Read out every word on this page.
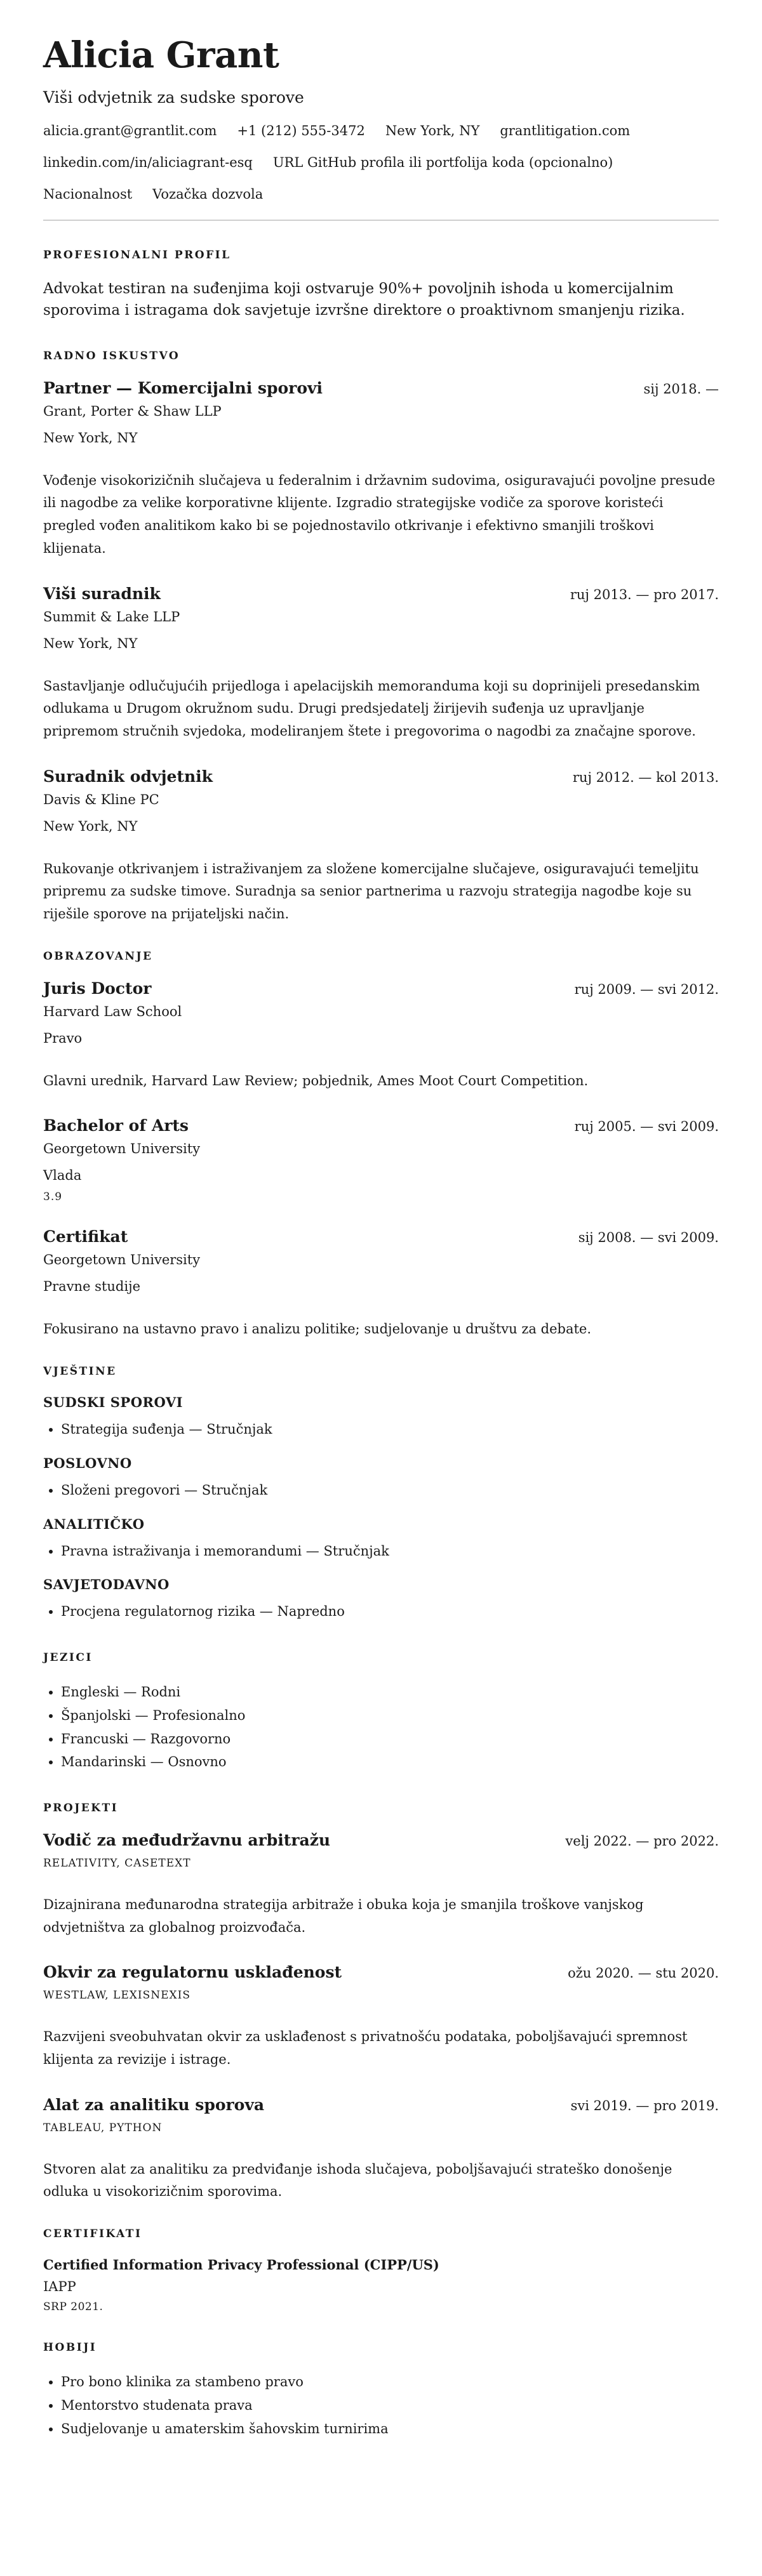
Alicia Grant
Viši odvjetnik za sudske sporove
alicia.grant@grantlit.com +1 (212) 555-3472 New York, NY grantlitigation.com
linkedin.com/in/aliciagrant-esq URL GitHub profila ili portfolija koda (opcionalno)
Nacionalnost Vozačka dozvola
PROFESIONALNI PROFIL

Advokat testiran na suđenjima koji ostvaruje 90%+ povoljnih ishoda u komercijalnim sporovima i istragama dok savjetuje izvršne direktore o proaktivnom smanjenju rizika.

RADNO ISKUSTVO
Partner — Komercijalni sporovi	sij 2018. —
Grant, Porter & Shaw LLP
New York, NY
Vođenje visokorizičnih slučajeva u federalnim i državnim sudovima, osiguravajući povoljne presude ili nagodbe za velike korporativne klijente. Izgradio strategijske vodiče za sporove koristeći pregled vođen analitikom kako bi se pojednostavilo otkrivanje i efektivno smanjili troškovi klijenata.
Viši suradnik	ruj 2013. — pro 2017.
Summit & Lake LLP
New York, NY
Sastavljanje odlučujućih prijedloga i apelacijskih memoranduma koji su doprinijeli presedanskim odlukama u Drugom okružnom sudu. Drugi predsjedatelj žirijevih suđenja uz upravljanje pripremom stručnih svjedoka, modeliranjem štete i pregovorima o nagodbi za značajne sporove.
Suradnik odvjetnik	ruj 2012. — kol 2013.
Davis & Kline PC
New York, NY
Rukovanje otkrivanjem i istraživanjem za složene komercijalne slučajeve, osiguravajući temeljitu pripremu za sudske timove. Suradnja sa senior partnerima u razvoju strategija nagodbe koje su riješile sporove na prijateljski način.
OBRAZOVANJE
Juris Doctor	ruj 2009. — svi 2012.
Harvard Law School
Pravo
Glavni urednik, Harvard Law Review; pobjednik, Ames Moot Court Competition.
Bachelor of Arts	ruj 2005. — svi 2009.
Georgetown University
Vlada
3.9
Certifikat	sij 2008. — svi 2009.
Georgetown University
Pravne studije
Fokusirano na ustavno pravo i analizu politike; sudjelovanje u društvu za debate.
VJEŠTINE
SUDSKI SPOROVI
• Strategija suđenja — Stručnjak
POSLOVNO
• Složeni pregovori — Stručnjak
ANALITIČKO
• Pravna istraživanja i memorandumi — Stručnjak
SAVJETODAVNO
• Procjena regulatornog rizika — Napredno
JEZICI
• Engleski — Rodni
• Španjolski — Profesionalno
• Francuski — Razgovorno
• Mandarinski — Osnovno
PROJEKTI
Vodič za međudržavnu arbitražu	velj 2022. — pro 2022.
RELATIVITY, CASETEXT
Dizajnirana međunarodna strategija arbitraže i obuka koja je smanjila troškove vanjskog odvjetništva za globalnog proizvođača.
Okvir za regulatornu usklađenost	ožu 2020. — stu 2020.
WESTLAW, LEXISNEXIS
Razvijeni sveobuhvatan okvir za usklađenost s privatnošću podataka, poboljšavajući spremnost klijenta za revizije i istrage.
Alat za analitiku sporova	svi 2019. — pro 2019.
TABLEAU, PYTHON
Stvoren alat za analitiku za predviđanje ishoda slučajeva, poboljšavajući strateško donošenje odluka u visokorizičnim sporovima.
CERTIFIKATI
Certified Information Privacy Professional (CIPP/US)
IAPP
SRP 2021.
HOBIJI
• Pro bono klinika za stambeno pravo
• Mentorstvo studenata prava
• Sudjelovanje u amaterskim šahovskim turnirima
